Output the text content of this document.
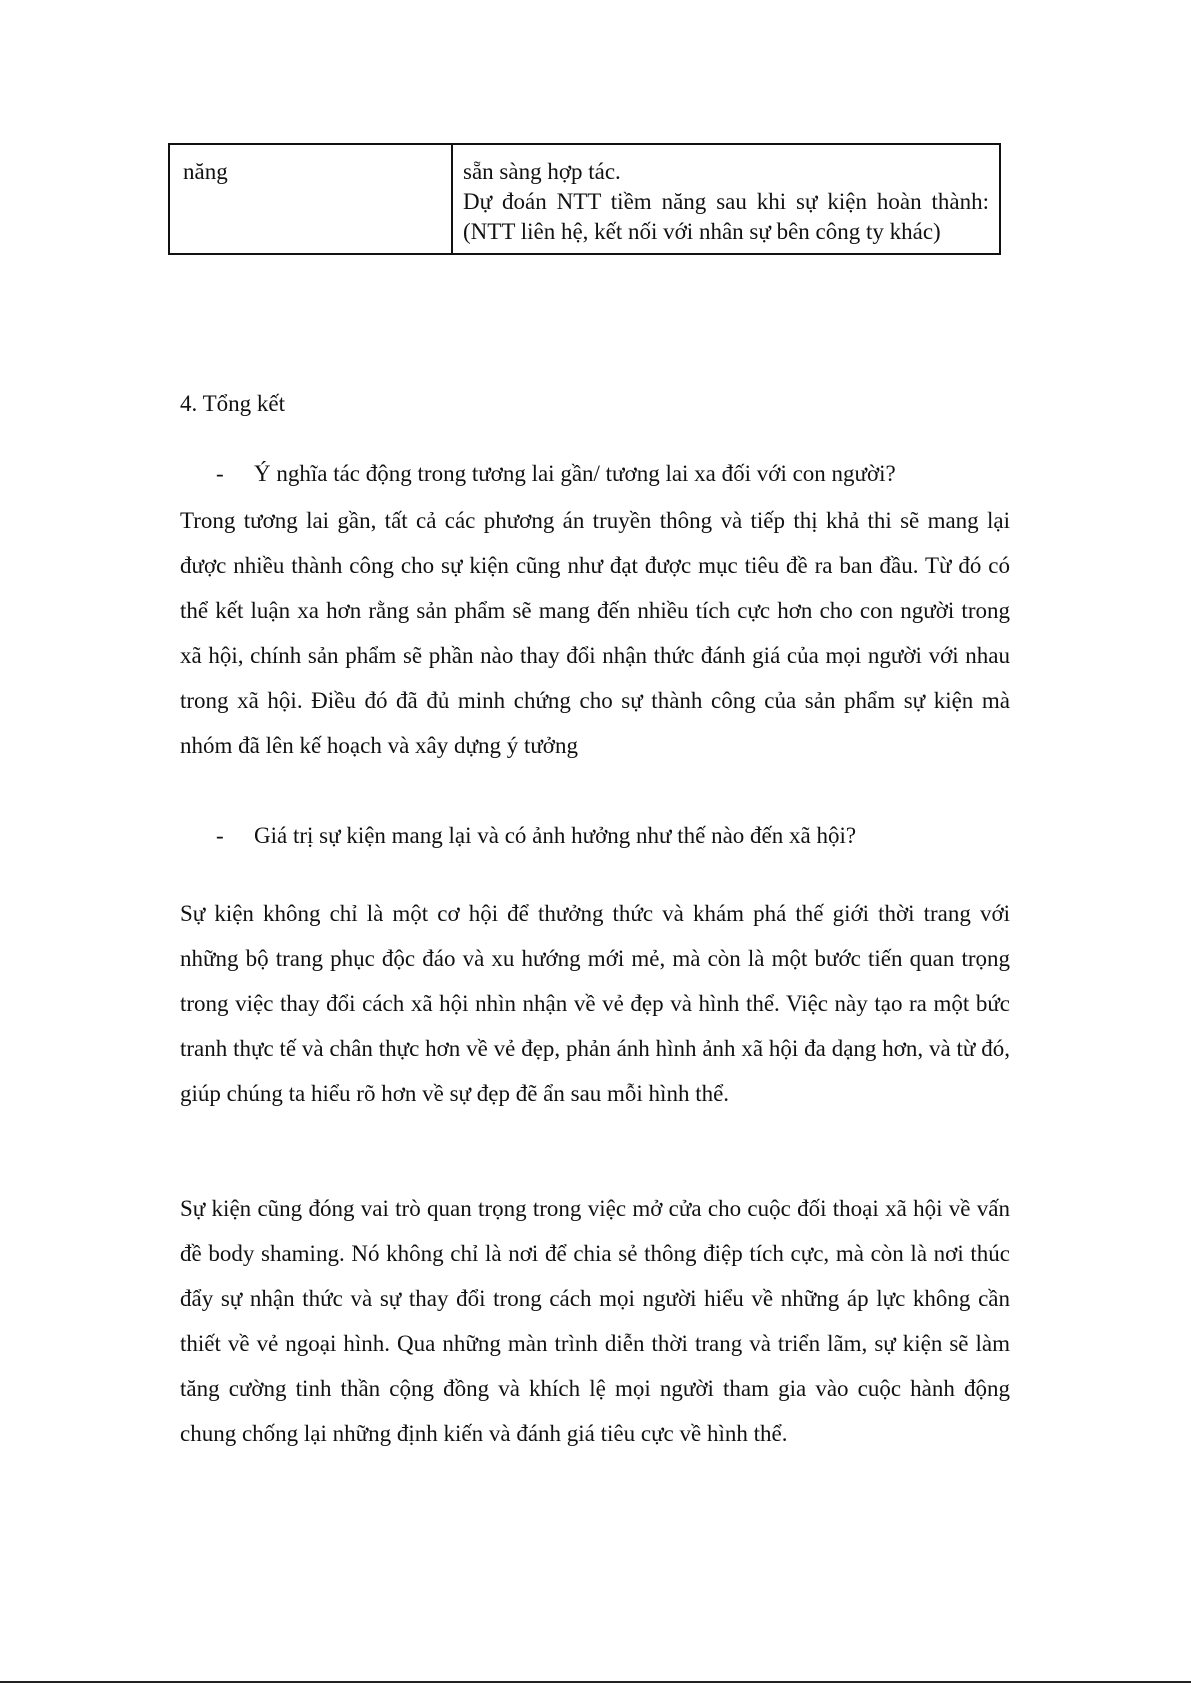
năng	sẵn sàng hợp tác.
Dự đoán NTT tiềm năng sau khi sự kiện hoàn thành: (NTT liên hệ, kết nối với nhân sự bên công ty khác)
4. Tổng kết
-	Ý nghĩa tác động trong tương lai gần/ tương lai xa đối với con người?

Trong tương lai gần, tất cả các phương án truyền thông và tiếp thị khả thi sẽ mang lại được nhiều thành công cho sự kiện cũng như đạt được mục tiêu đề ra ban đầu. Từ đó có thể kết luận xa hơn rằng sản phẩm sẽ mang đến nhiều tích cực hơn cho con người trong xã hội, chính sản phẩm sẽ phần nào thay đổi nhận thức đánh giá của mọi người với nhau trong xã hội. Điều đó đã đủ minh chứng cho sự thành công của sản phẩm sự kiện mà nhóm đã lên kế hoạch và xây dựng ý tưởng

-	Giá trị sự kiện mang lại và có ảnh hưởng như thế nào đến xã hội?

Sự kiện không chỉ là một cơ hội để thưởng thức và khám phá thế giới thời trang với những bộ trang phục độc đáo và xu hướng mới mẻ, mà còn là một bước tiến quan trọng trong việc thay đổi cách xã hội nhìn nhận về vẻ đẹp và hình thể. Việc này tạo ra một bức tranh thực tế và chân thực hơn về vẻ đẹp, phản ánh hình ảnh xã hội đa dạng hơn, và từ đó, giúp chúng ta hiểu rõ hơn về sự đẹp đẽ ẩn sau mỗi hình thể.

Sự kiện cũng đóng vai trò quan trọng trong việc mở cửa cho cuộc đối thoại xã hội về vấn đề body shaming. Nó không chỉ là nơi để chia sẻ thông điệp tích cực, mà còn là nơi thúc đẩy sự nhận thức và sự thay đổi trong cách mọi người hiểu về những áp lực không cần thiết về vẻ ngoại hình. Qua những màn trình diễn thời trang và triển lãm, sự kiện sẽ làm tăng cường tinh thần cộng đồng và khích lệ mọi người tham gia vào cuộc hành động chung chống lại những định kiến và đánh giá tiêu cực về hình thể.
